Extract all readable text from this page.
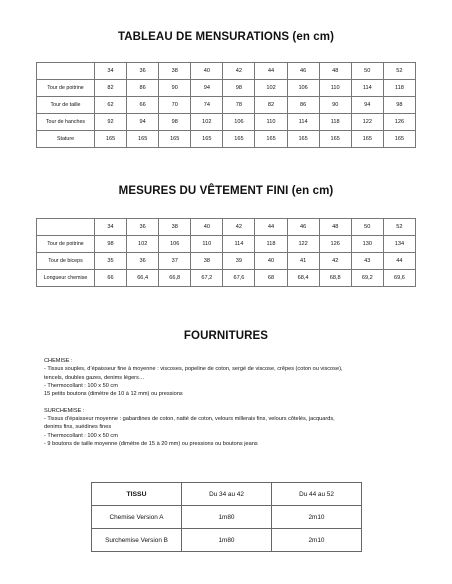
TABLEAU DE MENSURATIONS (en cm)
	34	36	38	40	42	44	46	48	50	52
Tour de poitrine	82	86	90	94	98	102	106	110	114	118
Tour de taille	62	66	70	74	78	82	86	90	94	98
Tour de hanches	92	94	98	102	106	110	114	118	122	126
Stature	165	165	165	165	165	165	165	165	165	165
MESURES DU VÊTEMENT FINI (en cm)
	34	36	38	40	42	44	46	48	50	52
Tour de poitrine	98	102	106	110	114	118	122	126	130	134
Tour de biceps	35	36	37	38	39	40	41	42	43	44
Longueur chemise	66	66,4	66,8	67,2	67,6	68	68,4	68,8	69,2	69,6
FOURNITURES
CHEMISE :
- Tissus souples, d’épaisseur fine à moyenne : viscoses, popeline de coton, sergé de viscose, crêpes (coton ou viscose),
tencels, doubles gazes, denims légers…
- Thermocollant : 100 x 50 cm
15 petits boutons (dimètre de 10 à 12 mm) ou pressions
SURCHEMISE :
- Tissus d’épaisseur moyenne : gabardines de coton, natté de coton, velours millerais fins, velours côtelés, jacquards,
denims fins, suédines fines
- Thermocollant : 100 x 50 cm
- 9 boutons de taille moyenne (dimètre de 15 à 20 mm) ou pressions ou boutons jeans
TISSU	Du 34 au 42	Du 44 au 52
Chemise Version A	1m80	2m10
Surchemise Version B	1m80	2m10
